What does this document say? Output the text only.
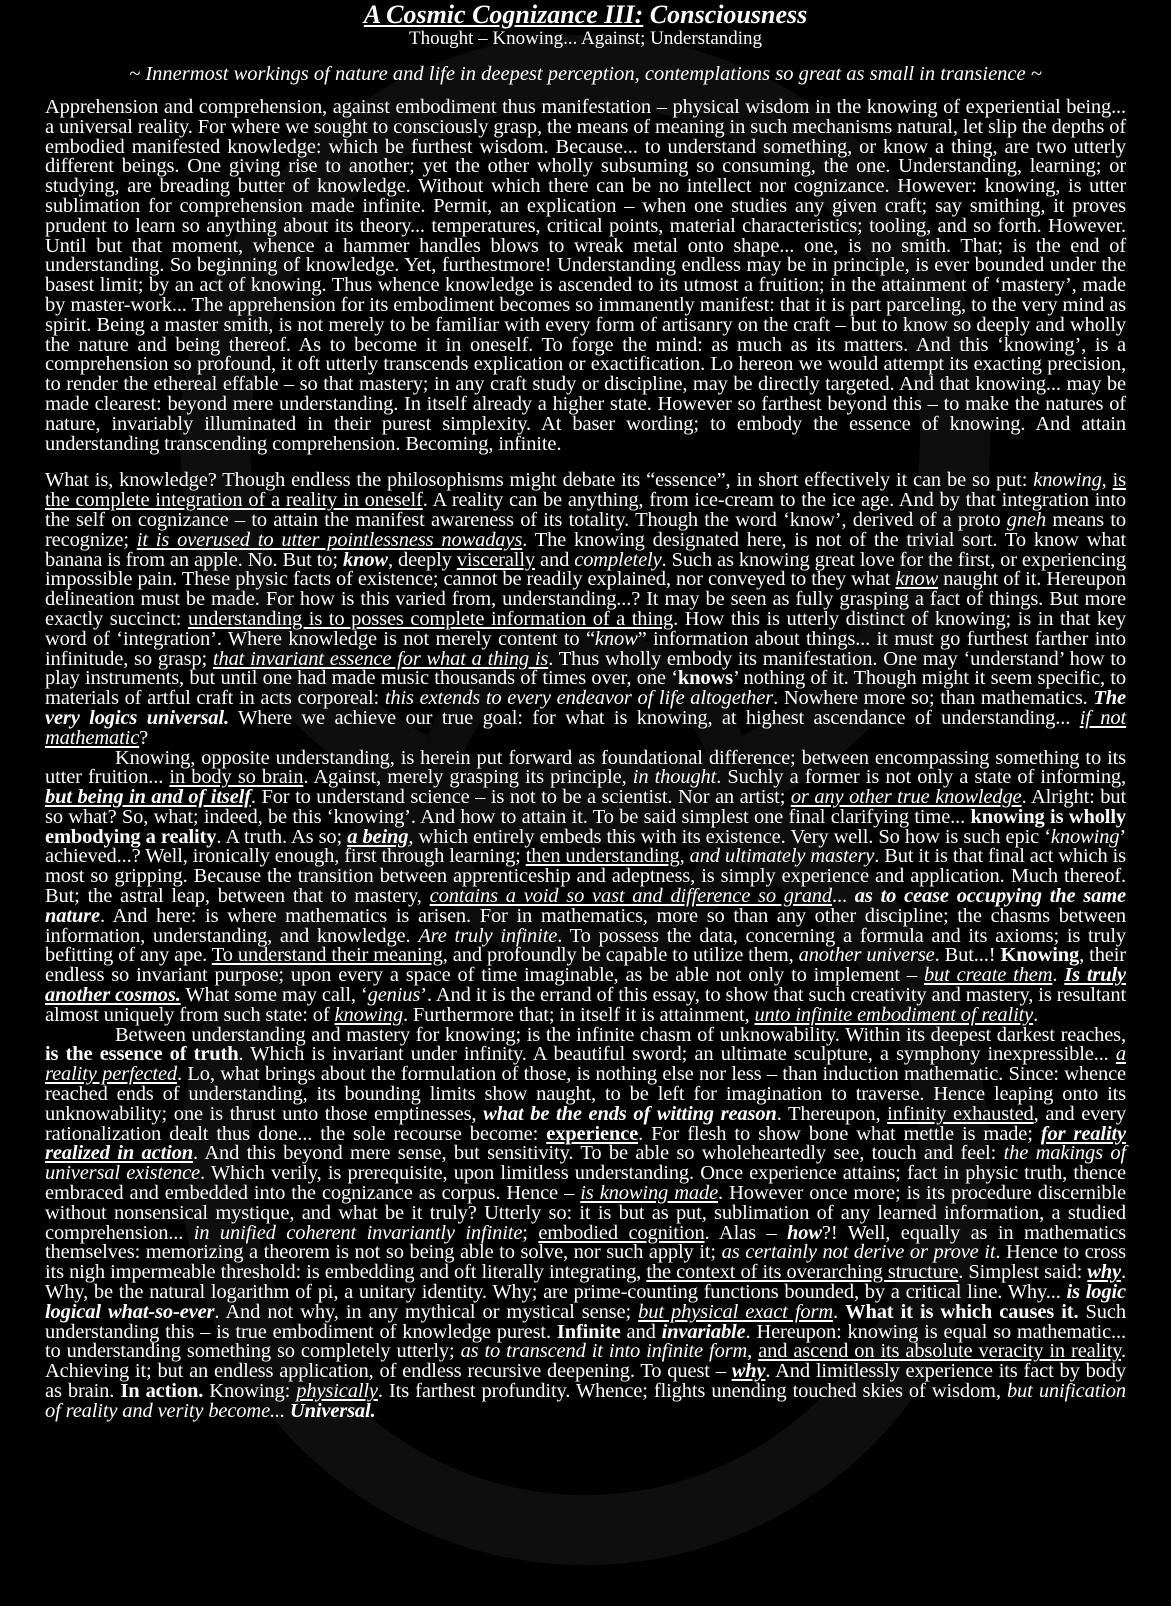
A Cosmic Cognizance III: Consciousness

Thought – Knowing... Against; Understanding

~ Innermost workings of nature and life in deepest perception, contemplations so great as small in transience ~

Apprehension and comprehension, against embodiment thus manifestation – physical wisdom in the knowing of experiential being... a universal reality. For where we sought to consciously grasp, the means of meaning in such mechanisms natural, let slip the depths of embodied manifested knowledge: which be furthest wisdom. Because... to understand something, or know a thing, are two utterly different beings. One giving rise to another; yet the other wholly subsuming so consuming, the one. Understanding, learning; or studying, are breading butter of knowledge. Without which there can be no intellect nor cognizance. However: knowing, is utter sublimation for comprehension made infinite. Permit, an explication – when one studies any given craft; say smithing, it proves prudent to learn so anything about its theory... temperatures, critical points, material characteristics; tooling, and so forth. However. Until but that moment, whence a hammer handles blows to wreak metal onto shape... one, is no smith. That; is the end of understanding. So beginning of knowledge. Yet, furthestmore! Understanding endless may be in principle, is ever bounded under the basest limit; by an act of knowing. Thus whence knowledge is ascended to its utmost a fruition; in the attainment of ‘mastery’, made by master-work... The apprehension for its embodiment becomes so immanently manifest: that it is part parceling, to the very mind as spirit. Being a master smith, is not merely to be familiar with every form of artisanry on the craft – but to know so deeply and wholly the nature and being thereof. As to become it in oneself. To forge the mind: as much as its matters. And this ‘knowing’, is a comprehension so profound, it oft utterly transcends explication or exactification. Lo hereon we would attempt its exacting precision, to render the ethereal effable – so that mastery; in any craft study or discipline, may be directly targeted. And that knowing... may be made clearest: beyond mere understanding. In itself already a higher state. However so farthest beyond this – to make the natures of nature, invariably illuminated in their purest simplexity. At baser wording; to embody the essence of knowing. And attain understanding transcending comprehension. Becoming, infinite.

What is, knowledge? Though endless the philosophisms might debate its “essence”, in short effectively it can be so put: knowing, is the complete integration of a reality in oneself. A reality can be anything, from ice-cream to the ice age. And by that integration into the self on cognizance – to attain the manifest awareness of its totality. Though the word ‘know’, derived of a proto gneh means to recognize; it is overused to utter pointlessness nowadays. The knowing designated here, is not of the trivial sort. To know what banana is from an apple. No. But to; know, deeply viscerally and completely. Such as knowing great love for the first, or experiencing impossible pain. These physic facts of existence; cannot be readily explained, nor conveyed to they what know naught of it. Hereupon delineation must be made. For how is this varied from, understanding...? It may be seen as fully grasping a fact of things. But more exactly succinct: understanding is to posses complete information of a thing. How this is utterly distinct of knowing; is in that key word of ‘integration’. Where knowledge is not merely content to “know” information about things... it must go furthest farther into infinitude, so grasp; that invariant essence for what a thing is. Thus wholly embody its manifestation. One may ‘understand’ how to play instruments, but until one had made music thousands of times over, one ‘knows’ nothing of it. Though might it seem specific, to materials of artful craft in acts corporeal: this extends to every endeavor of life altogether. Nowhere more so; than mathematics. The very logics universal. Where we achieve our true goal: for what is knowing, at highest ascendance of understanding... if not mathematic?

Knowing, opposite understanding, is herein put forward as foundational difference; between encompassing something to its utter fruition... in body so brain. Against, merely grasping its principle, in thought. Suchly a former is not only a state of informing, but being in and of itself. For to understand science – is not to be a scientist. Nor an artist; or any other true knowledge. Alright: but so what? So, what; indeed, be this ‘knowing’. And how to attain it. To be said simplest one final clarifying time... knowing is wholly embodying a reality. A truth. As so; a being, which entirely embeds this with its existence. Very well. So how is such epic ‘knowing’ achieved...? Well, ironically enough, first through learning; then understanding, and ultimately mastery. But it is that final act which is most so gripping. Because the transition between apprenticeship and adeptness, is simply experience and application. Much thereof. But; the astral leap, between that to mastery, contains a void so vast and difference so grand... as to cease occupying the same nature. And here: is where mathematics is arisen. For in mathematics, more so than any other discipline; the chasms between information, understanding, and knowledge. Are truly infinite. To possess the data, concerning a formula and its axioms; is truly befitting of any ape. To understand their meaning, and profoundly be capable to utilize them, another universe. But...! Knowing, their endless so invariant purpose; upon every a space of time imaginable, as be able not only to implement – but create them. Is truly another cosmos. What some may call, ‘genius’. And it is the errand of this essay, to show that such creativity and mastery, is resultant almost uniquely from such state: of knowing. Furthermore that; in itself it is attainment, unto infinite embodiment of reality.

Between understanding and mastery for knowing; is the infinite chasm of unknowability. Within its deepest darkest reaches, is the essence of truth. Which is invariant under infinity. A beautiful sword; an ultimate sculpture, a symphony inexpressible... a reality perfected. Lo, what brings about the formulation of those, is nothing else nor less – than induction mathematic. Since: whence reached ends of understanding, its bounding limits show naught, to be left for imagination to traverse. Hence leaping onto its unknowability; one is thrust unto those emptinesses, what be the ends of witting reason. Thereupon, infinity exhausted, and every rationalization dealt thus done... the sole recourse become: experience. For flesh to show bone what mettle is made; for reality realized in action. And this beyond mere sense, but sensitivity. To be able so wholeheartedly see, touch and feel: the makings of universal existence. Which verily, is prerequisite, upon limitless understanding. Once experience attains; fact in physic truth, thence embraced and embedded into the cognizance as corpus. Hence – is knowing made. However once more; is its procedure discernible without nonsensical mystique, and what be it truly? Utterly so: it is but as put, sublimation of any learned information, a studied comprehension... in unified coherent invariantly infinite; embodied cognition. Alas – how?! Well, equally as in mathematics themselves: memorizing a theorem is not so being able to solve, nor such apply it; as certainly not derive or prove it. Hence to cross its nigh impermeable threshold: is embedding and oft literally integrating, the context of its overarching structure. Simplest said: why. Why, be the natural logarithm of pi, a unitary identity. Why; are prime-counting functions bounded, by a critical line. Why... is logic logical what-so-ever. And not why, in any mythical or mystical sense; but physical exact form. What it is which causes it. Such understanding this – is true embodiment of knowledge purest. Infinite and invariable. Hereupon: knowing is equal so mathematic... to understanding something so completely utterly; as to transcend it into infinite form, and ascend on its absolute veracity in reality. Achieving it; but an endless application, of endless recursive deepening. To quest – why. And limitlessly experience its fact by body as brain. In action. Knowing: physically. Its farthest profundity. Whence; flights unending touched skies of wisdom, but unification of reality and verity become... Universal.
